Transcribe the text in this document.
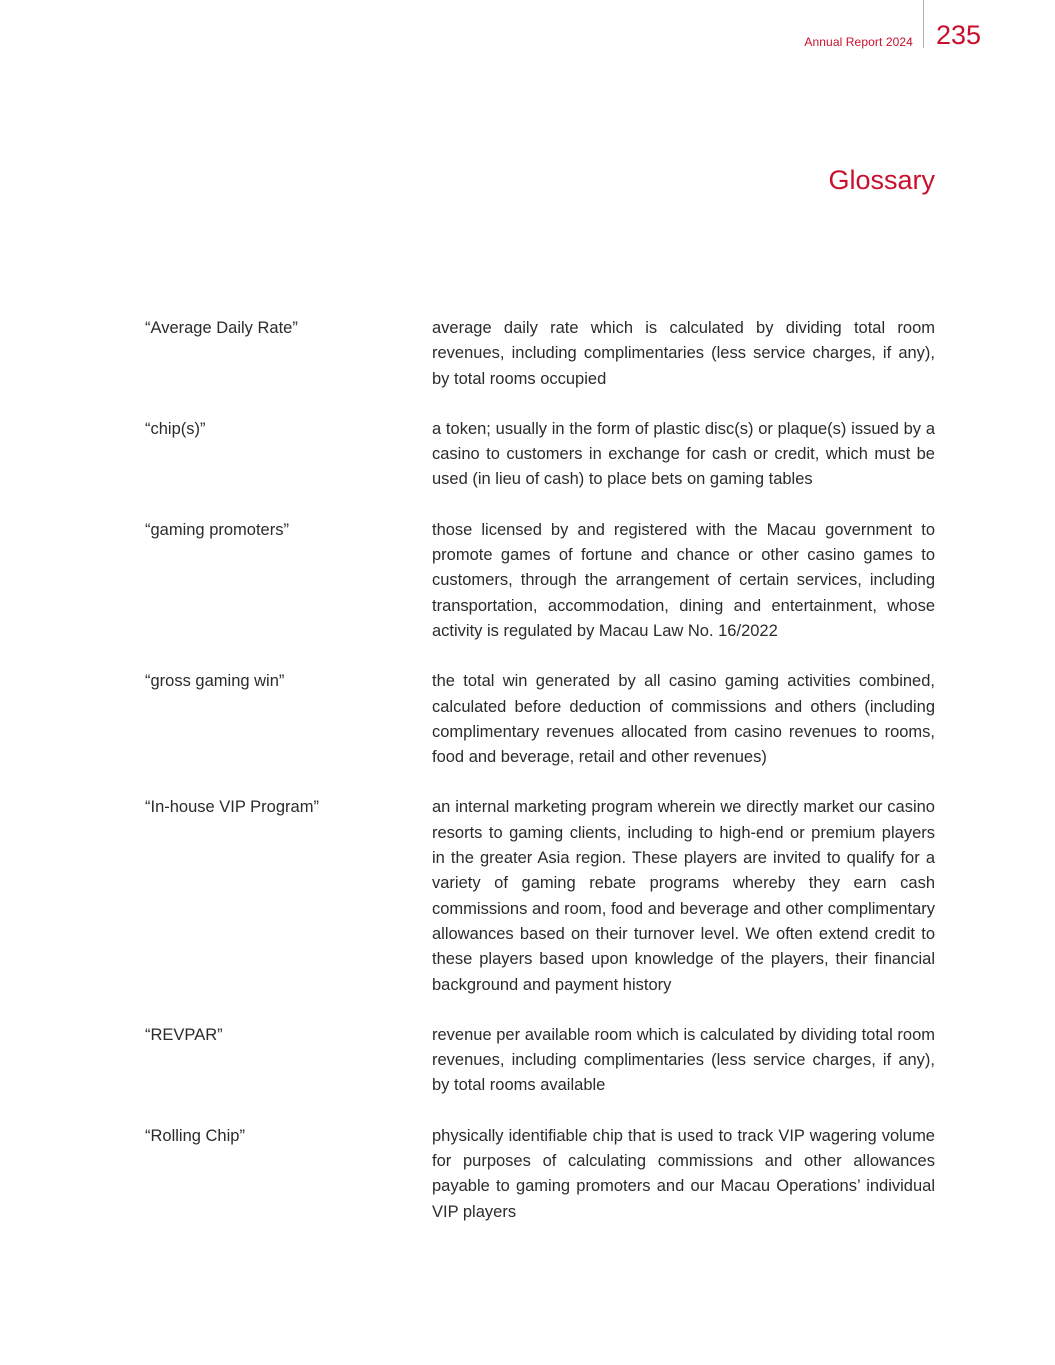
Annual Report 2024 235
Glossary
“Average Daily Rate”	average daily rate which is calculated by dividing total room revenues, including complimentaries (less service charges, if any), by total rooms occupied
“chip(s)”	a token; usually in the form of plastic disc(s) or plaque(s) issued by a casino to customers in exchange for cash or credit, which must be used (in lieu of cash) to place bets on gaming tables
“gaming promoters”	those licensed by and registered with the Macau government to promote games of fortune and chance or other casino games to customers, through the arrangement of certain services, including transportation, accommodation, dining and entertainment, whose activity is regulated by Macau Law No. 16/2022
“gross gaming win”	the total win generated by all casino gaming activities combined, calculated before deduction of commissions and others (including complimentary revenues allocated from casino revenues to rooms, food and beverage, retail and other revenues)
“In-house VIP Program”	an internal marketing program wherein we directly market our casino resorts to gaming clients, including to high-end or premium players in the greater Asia region. These players are invited to qualify for a variety of gaming rebate programs whereby they earn cash commissions and room, food and beverage and other complimentary allowances based on their turnover level. We often extend credit to these players based upon knowledge of the players, their financial background and payment history
“REVPAR”	revenue per available room which is calculated by dividing total room revenues, including complimentaries (less service charges, if any), by total rooms available
“Rolling Chip”	physically identifiable chip that is used to track VIP wagering volume for purposes of calculating commissions and other allowances payable to gaming promoters and our Macau Operations’ individual VIP players
